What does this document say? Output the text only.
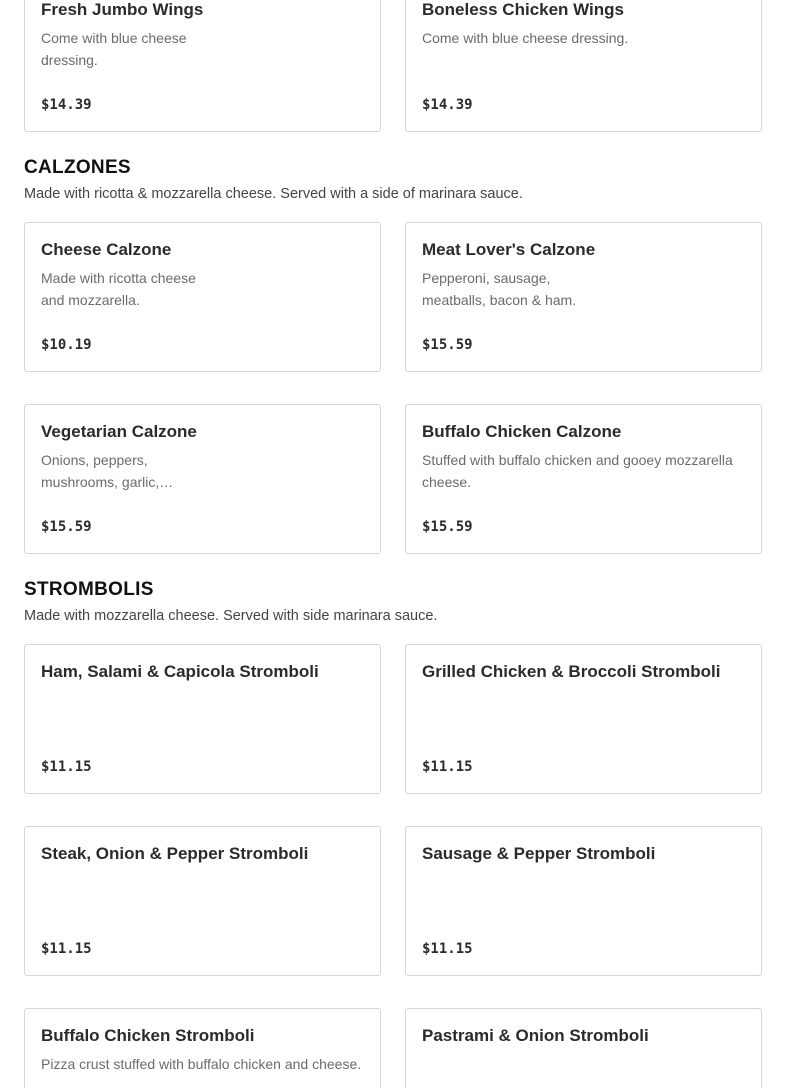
Fresh Jumbo Wings
Come with blue cheese dressing.
$14.39
Boneless Chicken Wings
Come with blue cheese dressing.
$14.39
CALZONES

Made with ricotta & mozzarella cheese. Served with a side of marinara sauce.

Cheese Calzone
Made with ricotta cheese and mozzarella.
$10.19
Meat Lover's Calzone
Pepperoni, sausage, meatballs, bacon & ham.
$15.59
Vegetarian Calzone
Onions, peppers, mushrooms, garlic,…
$15.59
Buffalo Chicken Calzone
Stuffed with buffalo chicken and gooey mozzarella cheese.
$15.59
STROMBOLIS

Made with mozzarella cheese. Served with side marinara sauce.

Ham, Salami & Capicola Stromboli
$11.15
Grilled Chicken & Broccoli Stromboli
$11.15
Steak, Onion & Pepper Stromboli
$11.15
Sausage & Pepper Stromboli
$11.15
Buffalo Chicken Stromboli
Pizza crust stuffed with buffalo chicken and cheese.
Pastrami & Onion Stromboli
